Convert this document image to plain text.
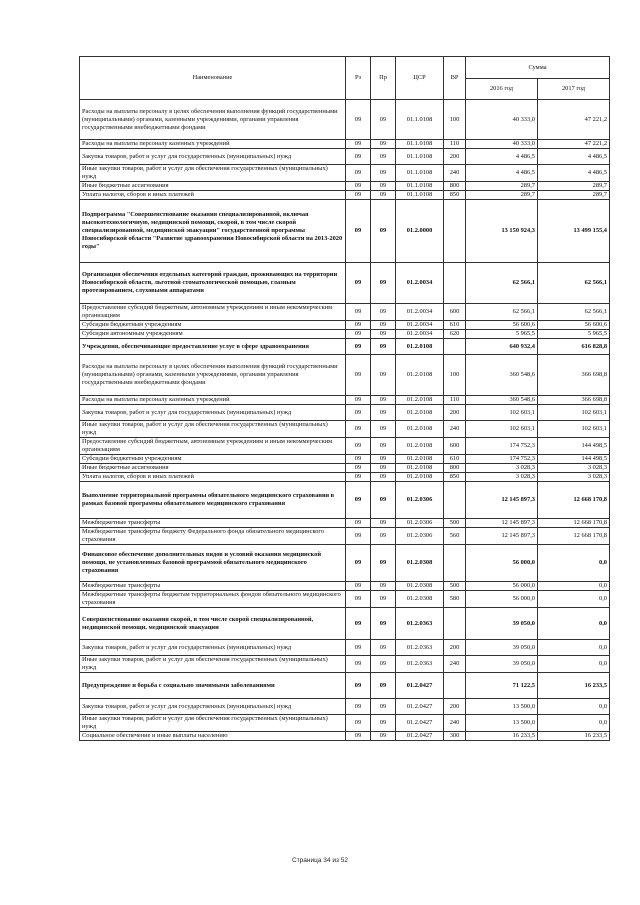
Наименование	Рз	Пр	ЦСР	ВР	Сумма	
					2016 год	2017 год
Расходы на выплаты персоналу в целях обеспечения выполнения функций государственными (муниципальными) органами, казенными учреждениями, органами управления государственными внебюджетными фондами	09	09	01.1.0108	100	40 333,0	47 221,2
Расходы на выплаты персоналу казенных учреждений	09	09	01.1.0108	110	40 333,0	47 221,2
Закупка товаров, работ и услуг для государственных (муниципальных) нужд	09	09	01.1.0108	200	4 486,5	4 486,5
Иные закупки товаров, работ и услуг для обеспечения государственных (муниципальных) нужд	09	09	01.1.0108	240	4 486,5	4 486,5
Иные бюджетные ассигнования	09	09	01.1.0108	800	289,7	289,7
Уплата налогов, сборов и иных платежей	09	09	01.1.0108	850	289,7	289,7
Подпрограмма "Совершенствование оказания специализированной, включая высокотехнологичную, медицинской помощи, скорой, в том числе скорой специализированной, медицинской эвакуации" государственной программы Новосибирской области "Развитие здравоохранения Новосибирской области на 2013-2020 годы"	09	09	01.2.0000		13 150 924,3	13 499 155,4
Организация обеспечения отдельных категорий граждан, проживающих на территории Новосибирской области, льготной стоматологической помощью, глазным протезированием, слуховыми аппаратами	09	09	01.2.0034		62 566,1	62 566,1
Предоставление субсидий бюджетным, автономным учреждениям и иным некоммерческим организациям	09	09	01.2.0034	600	62 566,1	62 566,1
Субсидии бюджетным учреждениям	09	09	01.2.0034	610	56 600,6	56 600,6
Субсидии автономным учреждениям	09	09	01.2.0034	620	5 965,5	5 965,5
Учреждения, обеспечивающие предоставление услуг в сфере здравоохранения	09	09	01.2.0108		640 932,4	616 828,8
Расходы на выплаты персоналу в целях обеспечения выполнения функций государственными (муниципальными) органами, казенными учреждениями, органами управления государственными внебюджетными фондами	09	09	01.2.0108	100	360 548,6	366 698,8
Расходы на выплаты персоналу казенных учреждений	09	09	01.2.0108	110	360 548,6	366 698,8
Закупка товаров, работ и услуг для государственных (муниципальных) нужд	09	09	01.2.0108	200	102 603,1	102 603,1
Иные закупки товаров, работ и услуг для обеспечения государственных (муниципальных) нужд	09	09	01.2.0108	240	102 603,1	102 603,1
Предоставление субсидий бюджетным, автономным учреждениям и иным некоммерческим организациям	09	09	01.2.0108	600	174 752,3	144 498,5
Субсидии бюджетным учреждениям	09	09	01.2.0108	610	174 752,3	144 498,5
Иные бюджетные ассигнования	09	09	01.2.0108	800	3 028,3	3 028,3
Уплата налогов, сборов и иных платежей	09	09	01.2.0108	850	3 028,3	3 028,3
Выполнение территориальной программы обязательного медицинского страхования в рамках базовой программы обязательного медицинского страхования	09	09	01.2.0306		12 145 897,3	12 668 170,8
Межбюджетные трансферты	09	09	01.2.0306	500	12 145 897,3	12 668 170,8
Межбюджетные трансферты бюджету Федерального фонда обязательного медицинского страхования	09	09	01.2.0306	560	12 145 897,3	12 668 170,8
Финансовое обеспечение дополнительных видов и условий оказания медицинской помощи, не установленных базовой программой обязательного медицинского страхования	09	09	01.2.0308		56 000,0	0,0
Межбюджетные трансферты	09	09	01.2.0308	500	56 000,0	0,0
Межбюджетные трансферты бюджетам территориальных фондов обязательного медицинского страхования	09	09	01.2.0308	580	56 000,0	0,0
Совершенствование оказания скорой, в том числе скорой специализированной, медицинской помощи, медицинской эвакуации	09	09	01.2.0363		39 050,0	0,0
Закупка товаров, работ и услуг для государственных (муниципальных) нужд	09	09	01.2.0363	200	39 050,0	0,0
Иные закупки товаров, работ и услуг для обеспечения государственных (муниципальных) нужд	09	09	01.2.0363	240	39 050,0	0,0
Предупреждение и борьба с социально значимыми заболеваниями	09	09	01.2.0427		71 122,5	16 233,5
Закупка товаров, работ и услуг для государственных (муниципальных) нужд	09	09	01.2.0427	200	13 500,0	0,0
Иные закупки товаров, работ и услуг для обеспечения государственных (муниципальных) нужд	09	09	01.2.0427	240	13 500,0	0,0
Социальное обеспечение и иные выплаты населению	09	09	01.2.0427	300	16 233,5	16 233,5
Страница 34 из 52
